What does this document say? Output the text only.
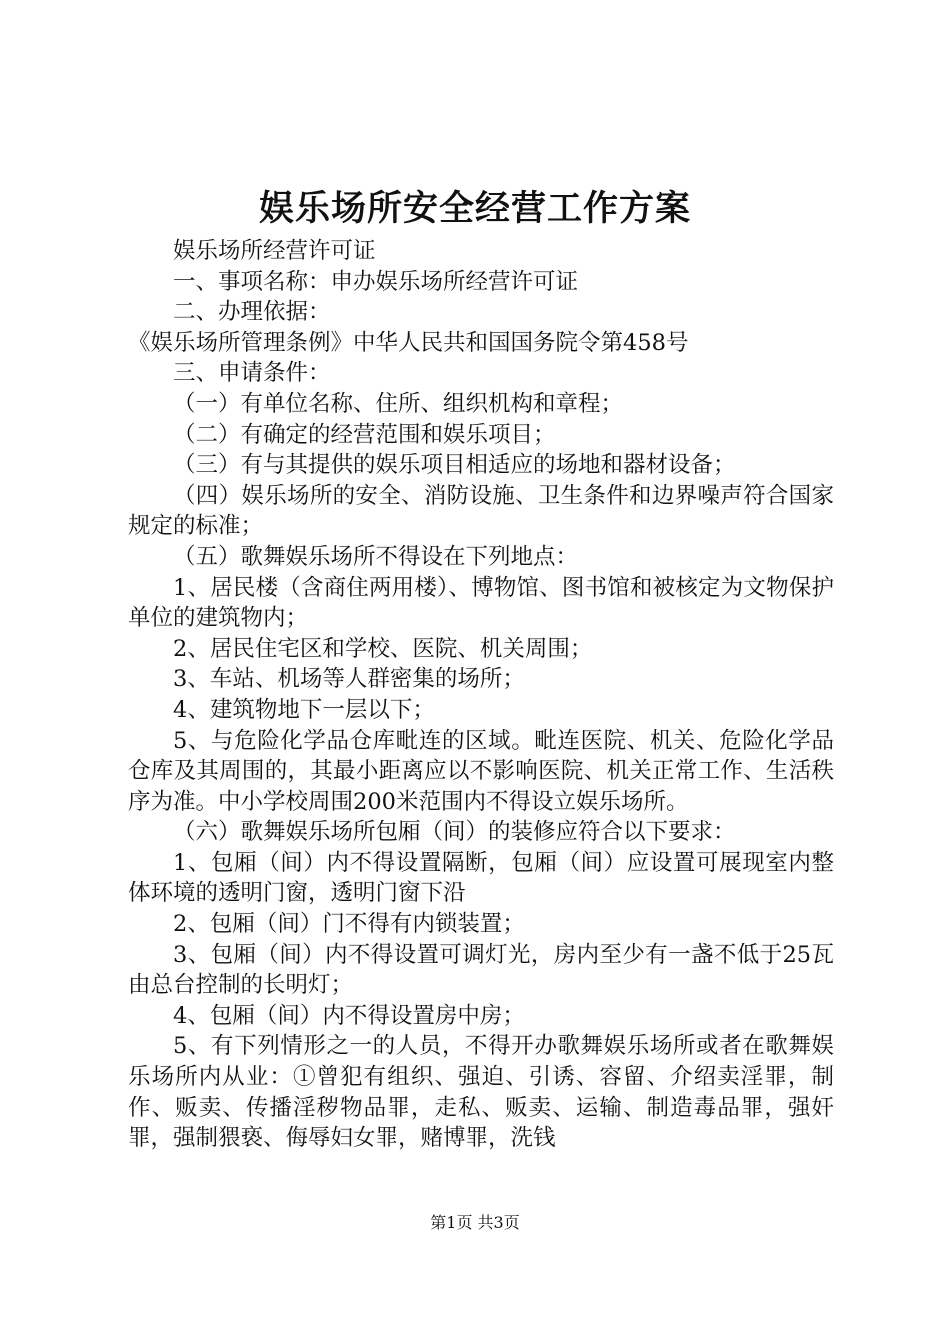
娱乐场所安全经营工作方案

娱乐场所经营许可证

一、事项名称：申办娱乐场所经营许可证

二、办理依据：

《娱乐场所管理条例》中华人民共和国国务院令第458号

三、申请条件：

（一）有单位名称、住所、组织机构和章程；

（二）有确定的经营范围和娱乐项目；

（三）有与其提供的娱乐项目相适应的场地和器材设备；

（四）娱乐场所的安全、消防设施、卫生条件和边界噪声符合国家规定的标准；

（五）歌舞娱乐场所不得设在下列地点：

1、居民楼（含商住两用楼）、博物馆、图书馆和被核定为文物保护单位的建筑物内；

2、居民住宅区和学校、医院、机关周围；

3、车站、机场等人群密集的场所；

4、建筑物地下一层以下；

5、与危险化学品仓库毗连的区域。毗连医院、机关、危险化学品仓库及其周围的，其最小距离应以不影响医院、机关正常工作、生活秩序为准。中小学校周围200米范围内不得设立娱乐场所。

（六）歌舞娱乐场所包厢（间）的装修应符合以下要求：

1、包厢（间）内不得设置隔断，包厢（间）应设置可展现室内整体环境的透明门窗，透明门窗下沿

2、包厢（间）门不得有内锁装置；

3、包厢（间）内不得设置可调灯光，房内至少有一盏不低于25瓦由总台控制的长明灯；

4、包厢（间）内不得设置房中房；

5、有下列情形之一的人员，不得开办歌舞娱乐场所或者在歌舞娱乐场所内从业：①曾犯有组织、强迫、引诱、容留、介绍卖淫罪，制作、贩卖、传播淫秽物品罪，走私、贩卖、运输、制造毒品罪，强奸罪，强制猥亵、侮辱妇女罪，赌博罪，洗钱

第1页 共3页
